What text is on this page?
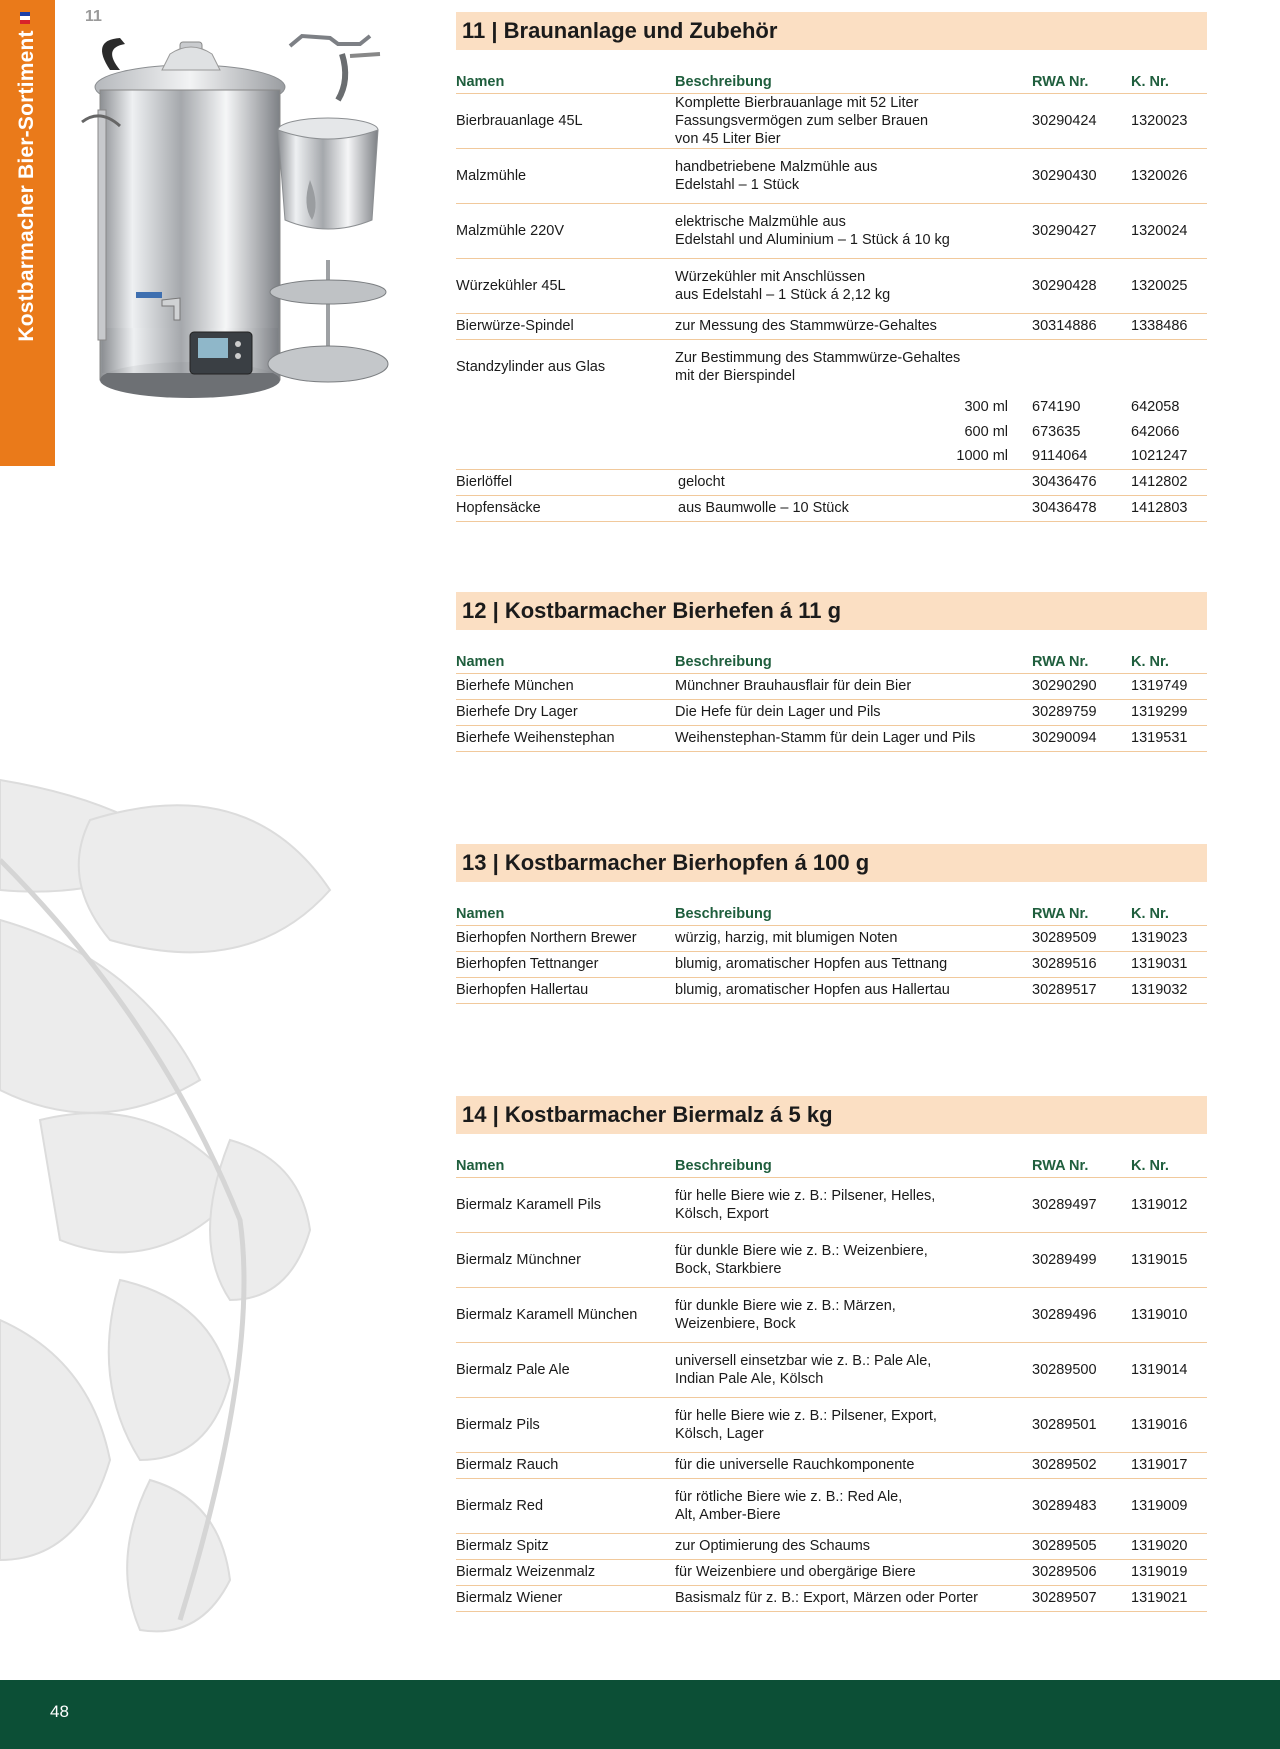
Kostbarmacher Bier-Sortiment
11
11 | Braunanlage und Zubehör
Namen	Beschreibung	RWA Nr.	K. Nr.
Bierbrauanlage 45L	Komplette Bierbrauanlage mit 52 Liter
Fassungsvermögen zum selber Brauen
von 45 Liter Bier	30290424	1320023
Malzmühle	handbetriebene Malzmühle aus
Edelstahl – 1 Stück	30290430	1320026
Malzmühle 220V	elektrische Malzmühle aus
Edelstahl und Aluminium – 1 Stück á 10 kg	30290427	1320024
Würzekühler 45L	Würzekühler mit Anschlüssen
aus Edelstahl – 1 Stück á 2,12 kg	30290428	1320025
Bierwürze-Spindel	zur Messung des Stammwürze-Gehaltes	30314886	1338486
Standzylinder aus Glas	Zur Bestimmung des Stammwürze-Gehaltes
mit der Bierspindel		
	300 ml	674190	642058
	600 ml	673635	642066
	1000 ml	9114064	1021247
Bierlöffel	gelocht	30436476	1412802
Hopfensäcke	aus Baumwolle – 10 Stück	30436478	1412803
12 | Kostbarmacher Bierhefen á 11 g
Namen	Beschreibung	RWA Nr.	K. Nr.
Bierhefe München	Münchner Brauhausflair für dein Bier	30290290	1319749
Bierhefe Dry Lager	Die Hefe für dein Lager und Pils	30289759	1319299
Bierhefe Weihenstephan	Weihenstephan-Stamm für dein Lager und Pils	30290094	1319531
13 | Kostbarmacher Bierhopfen á 100 g
Namen	Beschreibung	RWA Nr.	K. Nr.
Bierhopfen Northern Brewer	würzig, harzig, mit blumigen Noten	30289509	1319023
Bierhopfen Tettnanger	blumig, aromatischer Hopfen aus Tettnang	30289516	1319031
Bierhopfen Hallertau	blumig, aromatischer Hopfen aus Hallertau	30289517	1319032
14 | Kostbarmacher Biermalz á 5 kg
Namen	Beschreibung	RWA Nr.	K. Nr.
Biermalz Karamell Pils	für helle Biere wie z. B.: Pilsener, Helles,
Kölsch, Export	30289497	1319012
Biermalz Münchner	für dunkle Biere wie z. B.: Weizenbiere,
Bock, Starkbiere	30289499	1319015
Biermalz Karamell München	für dunkle Biere wie z. B.: Märzen,
Weizenbiere, Bock	30289496	1319010
Biermalz Pale Ale	universell einsetzbar wie z. B.: Pale Ale,
Indian Pale Ale, Kölsch	30289500	1319014
Biermalz Pils	für helle Biere wie z. B.: Pilsener, Export,
Kölsch, Lager	30289501	1319016
Biermalz Rauch	für die universelle Rauchkomponente	30289502	1319017
Biermalz Red	für rötliche Biere wie z. B.: Red Ale,
Alt, Amber-Biere	30289483	1319009
Biermalz Spitz	zur Optimierung des Schaums	30289505	1319020
Biermalz Weizenmalz	für Weizenbiere und obergärige Biere	30289506	1319019
Biermalz Wiener	Basismalz für z. B.: Export, Märzen oder Porter	30289507	1319021
48
